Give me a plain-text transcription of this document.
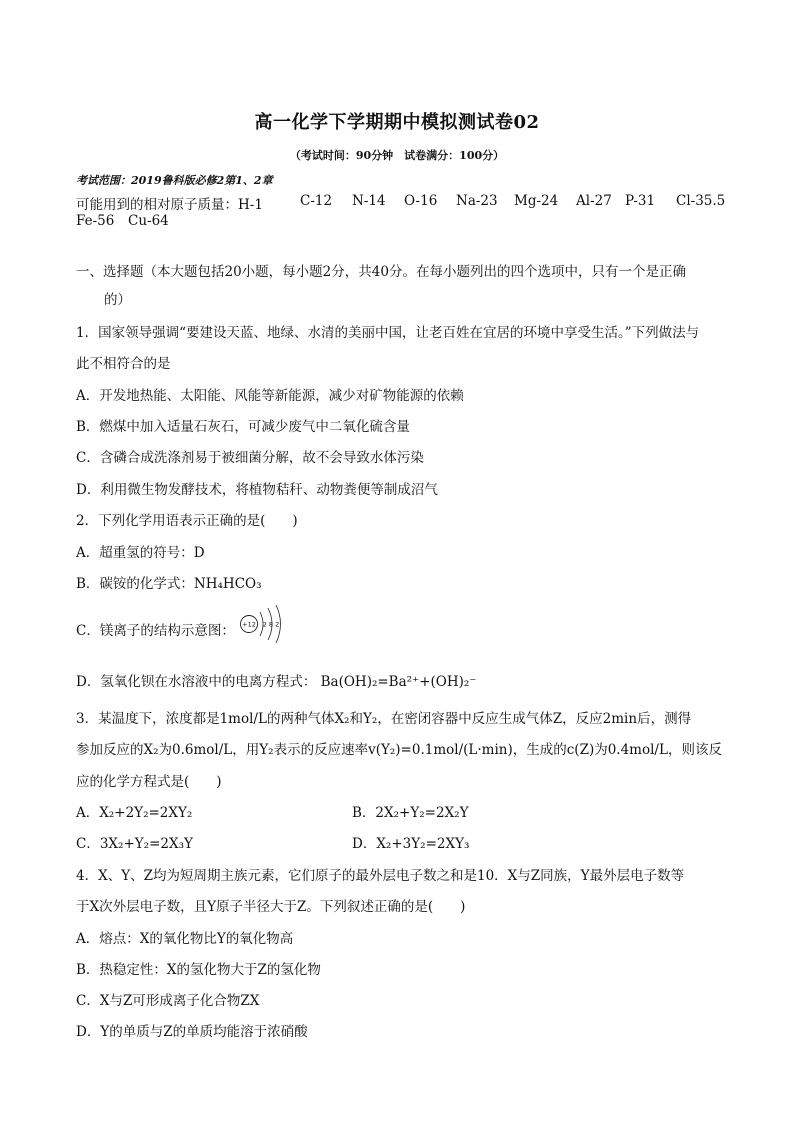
高一化学下学期期中模拟测试卷02
（考试时间：90分钟　试卷满分：100分）
考试范围：2019鲁科版必修2第1、2章
可能用到的相对原子质量：H-1	C-12 N-14 O-16 Na-23 Mg-24 Al-27 P-31 Cl-35.5
Fe-56 Cu-64
一、选择题（本大题包括20小题，每小题2分，共40分。在每小题列出的四个选项中，只有一个是正确
的）
1．国家领导强调“要建设天蓝、地绿、水清的美丽中国，让老百姓在宜居的环境中享受生活。”下列做法与
此不相符合的是
A．开发地热能、太阳能、风能等新能源，减少对矿物能源的依赖
B．燃煤中加入适量石灰石，可减少废气中二氧化硫含量
C．含磷合成洗涤剂易于被细菌分解，故不会导致水体污染
D．利用微生物发酵技术，将植物秸秆、动物粪便等制成沼气
2．下列化学用语表示正确的是(　　)
A．超重氢的符号：D
B．碳铵的化学式：NH₄HCO₃
C．镁离子的结构示意图： +12 2 8 2
D．氢氧化钡在水溶液中的电离方程式： Ba(OH)₂=Ba²⁺+(OH)₂⁻
3．某温度下，浓度都是1mol/L的两种气体X₂和Y₂，在密闭容器中反应生成气体Z，反应2min后，测得
参加反应的X₂为0.6mol/L，用Y₂表示的反应速率v(Y₂)=0.1mol/(L·min)，生成的c(Z)为0.4mol/L，则该反
应的化学方程式是(　　)
A．X₂+2Y₂=2XY₂	B．2X₂+Y₂=2X₂Y
C．3X₂+Y₂=2X₃Y	D．X₂+3Y₂=2XY₃
4．X、Y、Z均为短周期主族元素，它们原子的最外层电子数之和是10．X与Z同族，Y最外层电子数等
于X次外层电子数，且Y原子半径大于Z。下列叙述正确的是(　　)
A．熔点：X的氧化物比Y的氧化物高
B．热稳定性：X的氢化物大于Z的氢化物
C．X与Z可形成离子化合物ZX
D．Y的单质与Z的单质均能溶于浓硝酸
